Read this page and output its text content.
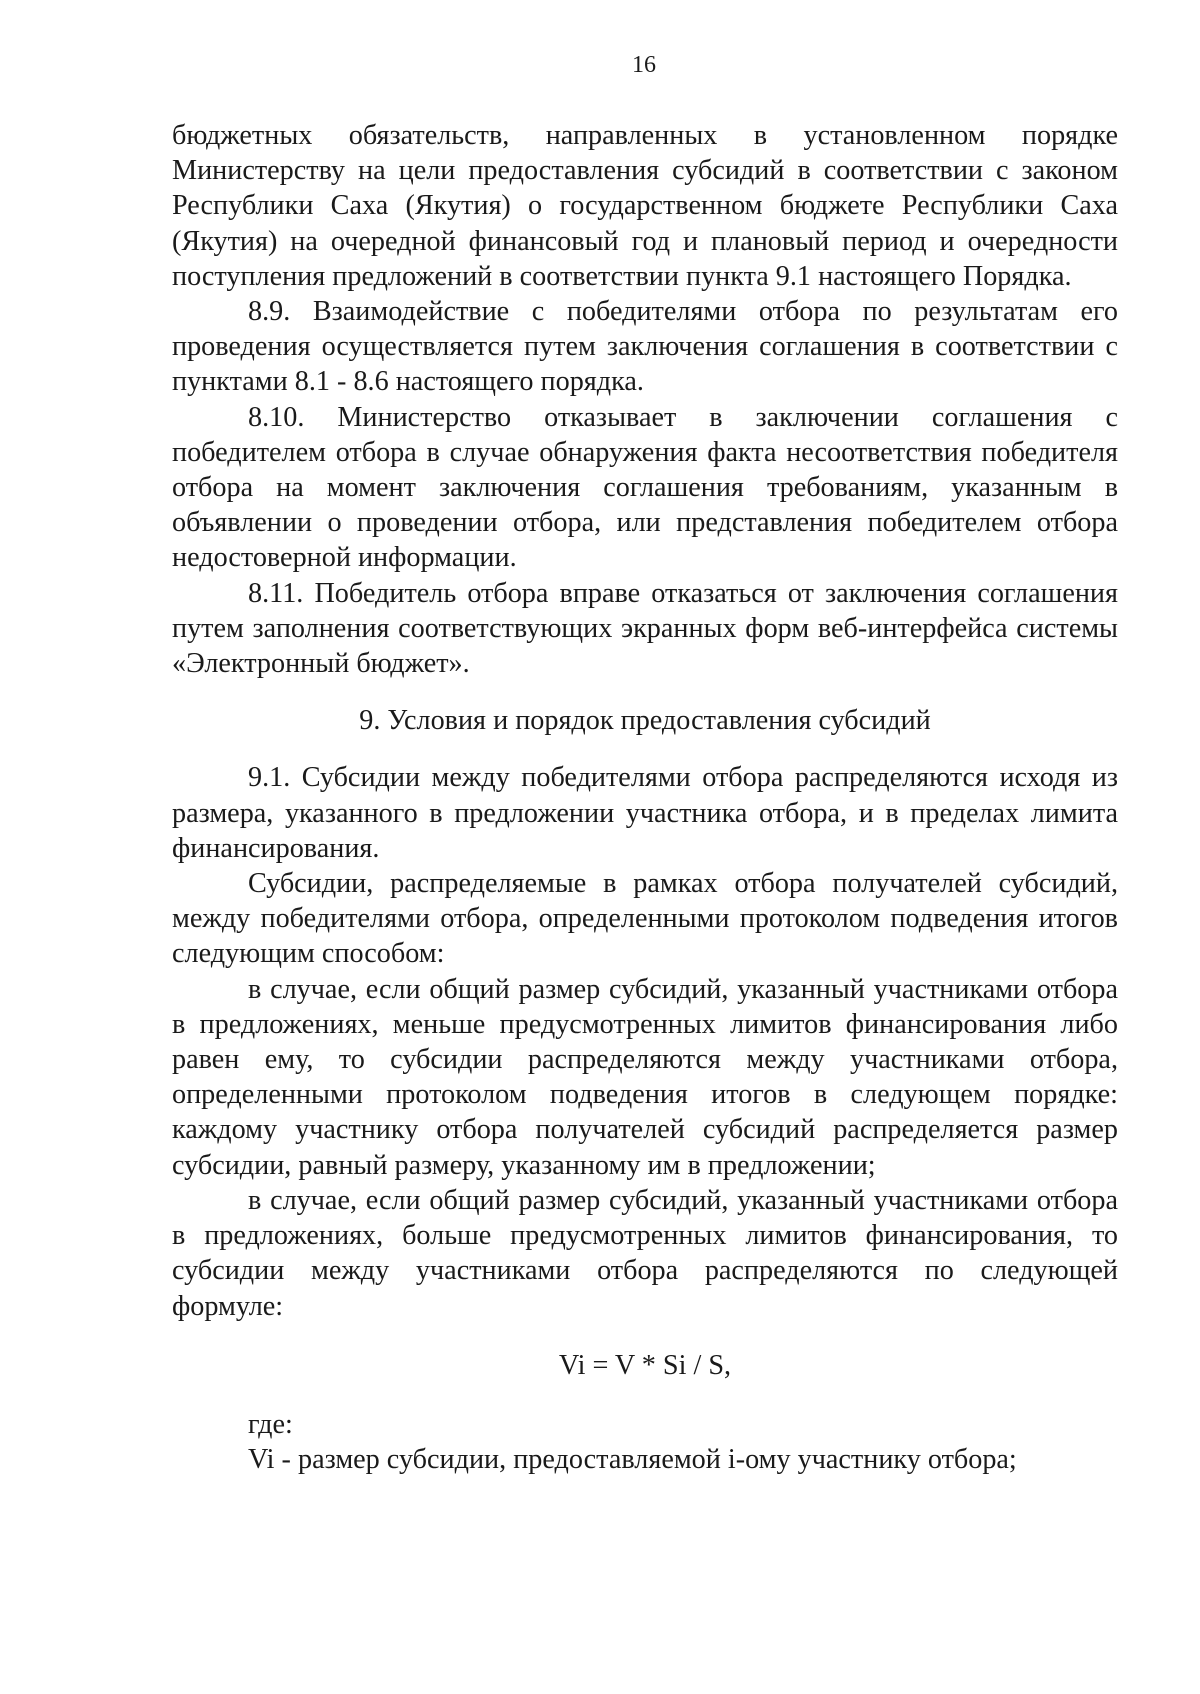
16

бюджетных обязательств, направленных в установленном порядке Министерству на цели предоставления субсидий в соответствии с законом Республики Саха (Якутия) о государственном бюджете Республики Саха (Якутия) на очередной финансовый год и плановый период и очередности поступления предложений в соответствии пункта 9.1 настоящего Порядка.

8.9. Взаимодействие с победителями отбора по результатам его проведения осуществляется путем заключения соглашения в соответствии с пунктами 8.1 - 8.6 настоящего порядка.

8.10. Министерство отказывает в заключении соглашения с победителем отбора в случае обнаружения факта несоответствия победителя отбора на момент заключения соглашения требованиям, указанным в объявлении о проведении отбора, или представления победителем отбора недостоверной информации.

8.11. Победитель отбора вправе отказаться от заключения соглашения путем заполнения соответствующих экранных форм веб-интерфейса системы «Электронный бюджет».

9. Условия и порядок предоставления субсидий

9.1. Субсидии между победителями отбора распределяются исходя из размера, указанного в предложении участника отбора, и в пределах лимита финансирования.

Субсидии, распределяемые в рамках отбора получателей субсидий, между победителями отбора, определенными протоколом подведения итогов следующим способом:

в случае, если общий размер субсидий, указанный участниками отбора в предложениях, меньше предусмотренных лимитов финансирования либо равен ему, то субсидии распределяются между участниками отбора, определенными протоколом подведения итогов в следующем порядке: каждому участнику отбора получателей субсидий распределяется размер субсидии, равный размеру, указанному им в предложении;

в случае, если общий размер субсидий, указанный участниками отбора в предложениях, больше предусмотренных лимитов финансирования, то субсидии между участниками отбора распределяются по следующей формуле:

Vi = V * Si / S,

где:

Vi - размер субсидии, предоставляемой i-ому участнику отбора;
